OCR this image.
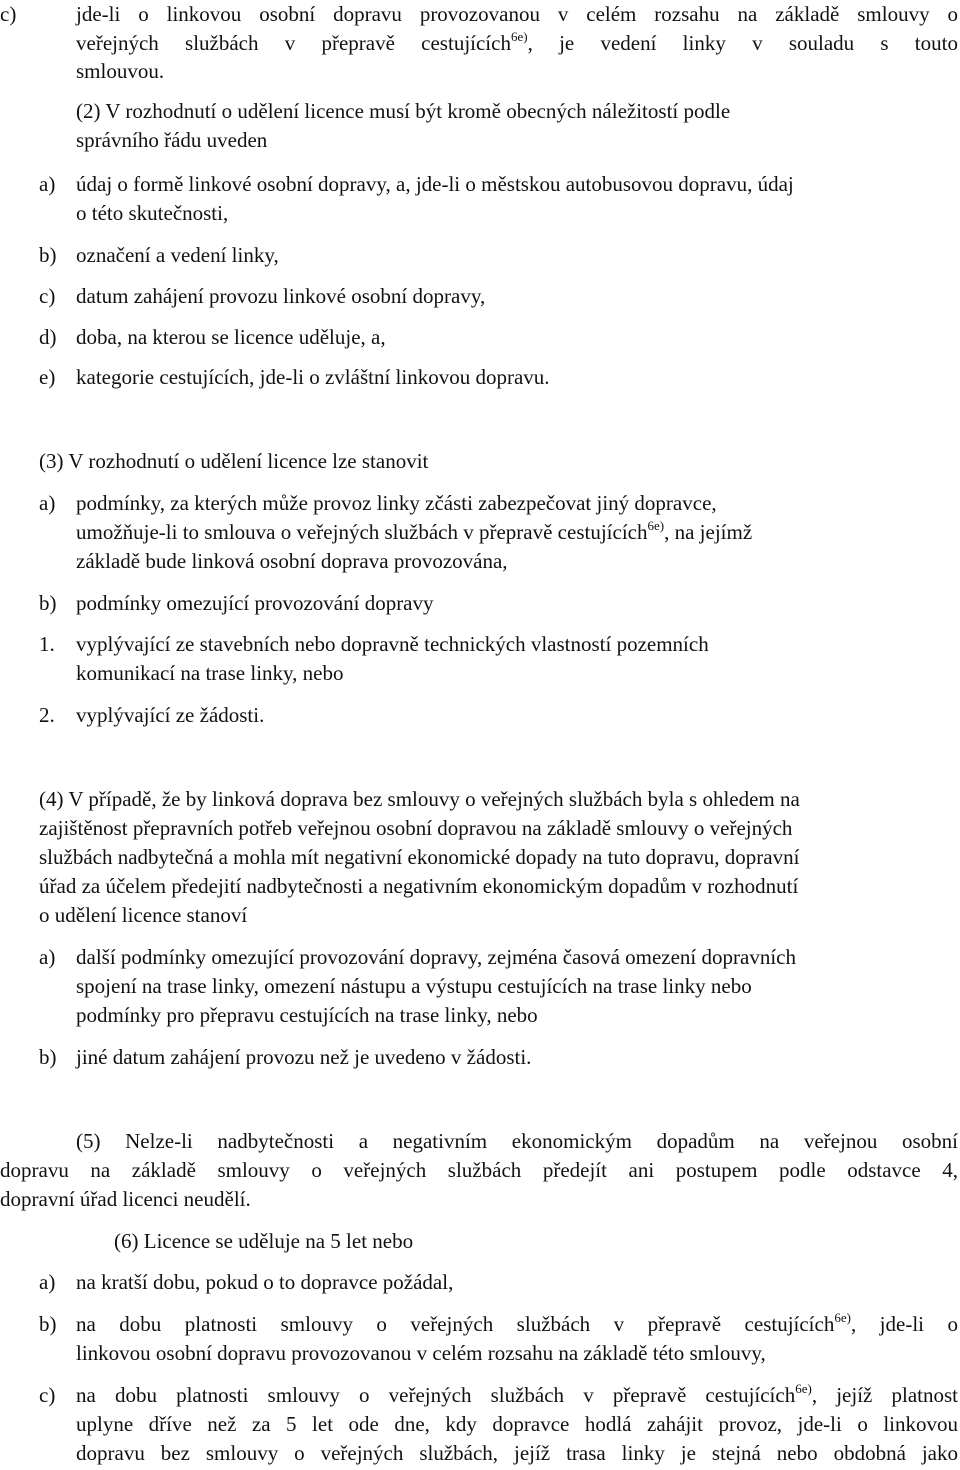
c)	jde-li o linkovou osobní dopravu provozovanou v celém rozsahu na základě smlouvy o
veřejných službách v přepravě cestujících$^{6e)}$, je vedení linky v souladu s touto
smlouvou.
(2) V rozhodnutí o udělení licence musí být kromě obecných náležitostí podle
správního řádu uveden
a) údaj o formě linkové osobní dopravy, a, jde-li o městskou autobusovou dopravu, údaj
o této skutečnosti,
b) označení a vedení linky,
c) datum zahájení provozu linkové osobní dopravy,
d) doba, na kterou se licence uděluje, a,
e) kategorie cestujících, jde-li o zvláštní linkovou dopravu.
(3) V rozhodnutí o udělení licence lze stanovit
a) podmínky, za kterých může provoz linky zčásti zabezpečovat jiný dopravce,
umožňuje-li to smlouva o veřejných službách v přepravě cestujících$^{6e)}$, na jejímž
základě bude linková osobní doprava provozována,
b) podmínky omezující provozování dopravy
1. vyplývající ze stavebních nebo dopravně technických vlastností pozemních
komunikací na trase linky, nebo
2. vyplývající ze žádosti.
(4) V případě, že by linková doprava bez smlouvy o veřejných službách byla s ohledem na
zajištěnost přepravních potřeb veřejnou osobní dopravou na základě smlouvy o veřejných
službách nadbytečná a mohla mít negativní ekonomické dopady na tuto dopravu, dopravní
úřad za účelem předejití nadbytečnosti a negativním ekonomickým dopadům v rozhodnutí
o udělení licence stanoví
a) další podmínky omezující provozování dopravy, zejména časová omezení dopravních
spojení na trase linky, omezení nástupu a výstupu cestujících na trase linky nebo
podmínky pro přepravu cestujících na trase linky, nebo
b) jiné datum zahájení provozu než je uvedeno v žádosti.
(5) Nelze-li nadbytečnosti a negativním ekonomickým dopadům na veřejnou osobní
dopravu na základě smlouvy o veřejných službách předejít ani postupem podle odstavce 4,
dopravní úřad licenci neudělí.
(6) Licence se uděluje na 5 let nebo
a) na kratší dobu, pokud o to dopravce požádal,
b) na dobu platnosti smlouvy o veřejných službách v přepravě cestujících$^{6e)}$, jde-li o
linkovou osobní dopravu provozovanou v celém rozsahu na základě této smlouvy,
c) na dobu platnosti smlouvy o veřejných službách v přepravě cestujících$^{6e)}$, jejíž platnost
uplyne dříve než za 5 let ode dne, kdy dopravce hodlá zahájit provoz, jde-li o linkovou
dopravu bez smlouvy o veřejných službách, jejíž trasa linky je stejná nebo obdobná jako
